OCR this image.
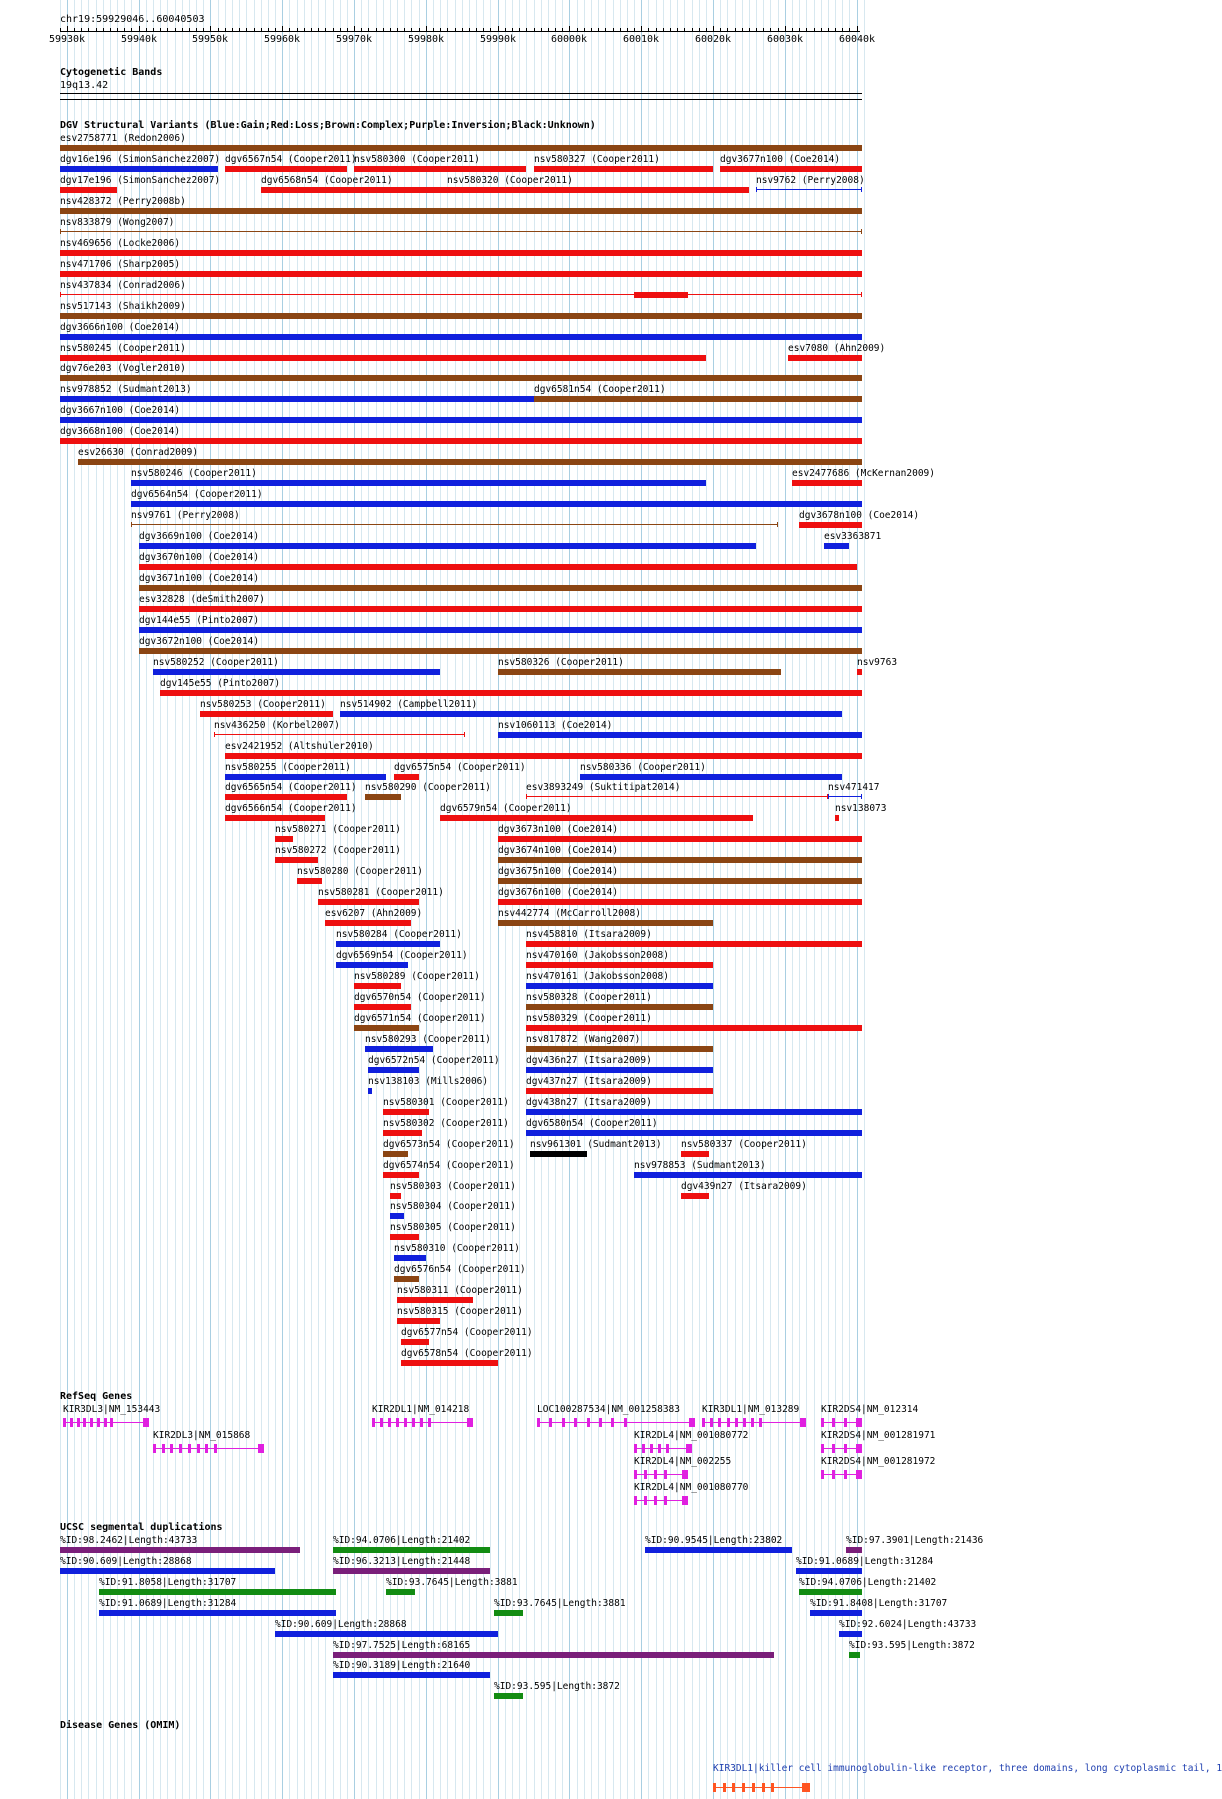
chr19:59929046..60040503
59930k	59940k	59950k	59960k	59970k	59980k	59990k	60000k	60010k	60020k	60030k	60040k
Cytogenetic Bands
19q13.42
DGV Structural Variants (Blue:Gain;Red:Loss;Brown:Complex;Purple:Inversion;Black:Unknown)
esv2758771 (Redon2006)
dgv16e196 (SimonSanchez2007) dgv6567n54 (Cooper2011)
nsv580300 (Cooper2011)	nsv580327 (Cooper2011)	dgv3677n100 (Coe2014)
dgv17e196 (SimonSanchez2007)	dgv6568n54 (Cooper2011)	nsv580320 (Cooper2011)	nsv9762 (Perry2008)
nsv428372 (Perry2008b)
nsv833879 (Wong2007)
nsv469656 (Locke2006)
nsv471706 (Sharp2005)
nsv437834 (Conrad2006)
nsv517143 (Shaikh2009)
dgv3666n100 (Coe2014)
nsv580245 (Cooper2011)	esv7080 (Ahn2009)
dgv76e203 (Vogler2010)
nsv978852 (Sudmant2013)	dgv6581n54 (Cooper2011)
dgv3667n100 (Coe2014)
dgv3668n100 (Coe2014)
esv26630 (Conrad2009)
nsv580246 (Cooper2011)	esv2477686 (McKernan2009)
dgv6564n54 (Cooper2011)
nsv9761 (Perry2008)	dgv3678n100 (Coe2014)
dgv3669n100 (Coe2014)	esv3363871
dgv3670n100 (Coe2014)
dgv3671n100 (Coe2014)
esv32828 (deSmith2007)
dgv144e55 (Pinto2007)
dgv3672n100 (Coe2014)
nsv580252 (Cooper2011)	nsv580326 (Cooper2011)	nsv9763
dgv145e55 (Pinto2007)
nsv580253 (Cooper2011) nsv514902 (Campbell2011)
nsv436250 (Korbel2007)	nsv1060113 (Coe2014)
esv2421952 (Altshuler2010)
nsv580255 (Cooper2011)	dgv6575n54 (Cooper2011)	nsv580336 (Cooper2011)
dgv6565n54 (Cooper2011) nsv580290 (Cooper2011)	esv3893249 (Suktitipat2014)	nsv471417
dgv6566n54 (Cooper2011)	dgv6579n54 (Cooper2011)	nsv138073
nsv580271 (Cooper2011)	dgv3673n100 (Coe2014)
nsv580272 (Cooper2011)	dgv3674n100 (Coe2014)
nsv580280 (Cooper2011)	dgv3675n100 (Coe2014)
nsv580281 (Cooper2011)	dgv3676n100 (Coe2014)
esv6207 (Ahn2009)	nsv442774 (McCarroll2008)
nsv580284 (Cooper2011)	nsv458810 (Itsara2009)
dgv6569n54 (Cooper2011)	nsv470160 (Jakobsson2008)
nsv580289 (Cooper2011)	nsv470161 (Jakobsson2008)
dgv6570n54 (Cooper2011)	nsv580328 (Cooper2011)
dgv6571n54 (Cooper2011)	nsv580329 (Cooper2011)
nsv580293 (Cooper2011)	nsv817872 (Wang2007)
dgv6572n54 (Cooper2011)	dgv436n27 (Itsara2009)
nsv138103 (Mills2006)	dgv437n27 (Itsara2009)
nsv580301 (Cooper2011) dgv438n27 (Itsara2009)
nsv580302 (Cooper2011) dgv6580n54 (Cooper2011)
dgv6573n54 (Cooper2011) nsv961301 (Sudmant2013) nsv580337 (Cooper2011)
dgv6574n54 (Cooper2011)	nsv978853 (Sudmant2013)
nsv580303 (Cooper2011)	dgv439n27 (Itsara2009)
nsv580304 (Cooper2011)
nsv580305 (Cooper2011)
nsv580310 (Cooper2011)
dgv6576n54 (Cooper2011)
nsv580311 (Cooper2011)
nsv580315 (Cooper2011)
dgv6577n54 (Cooper2011)
dgv6578n54 (Cooper2011)
RefSeq Genes
KIR3DL3|NM_153443
KIR2DL3|NM_015868
KIR2DL1|NM_014218	LOC100287534|NM_001258383 KIR3DL1|NM_013289 KIR2DS4|NM_012314
KIR2DL4|NM_001080772	KIR2DS4|NM_001281971
KIR2DL4|NM_002255	KIR2DS4|NM_001281972
KIR2DL4|NM_001080770
UCSC segmental duplications
%ID:98.2462|Length:43733	%ID:94.0706|Length:21402	%ID:90.9545|Length:23802	%ID:97.3901|Length:21436
%ID:90.609|Length:28868	%ID:96.3213|Length:21448	%ID:91.0689|Length:31284
%ID:91.8058|Length:31707	%ID:93.7645|Length:3881	%ID:94.0706|Length:21402
%ID:91.0689|Length:31284	%ID:93.7645|Length:3881	%ID:91.8408|Length:31707
%ID:90.609|Length:28868	%ID:92.6024|Length:43733
%ID:97.7525|Length:68165	%ID:93.595|Length:3872
%ID:90.3189|Length:21640
%ID:93.595|Length:3872
Disease Genes (OMIM)
KIR3DL1|killer cell immunoglobulin-like receptor, three domains, long cytoplasmic tail, 1
